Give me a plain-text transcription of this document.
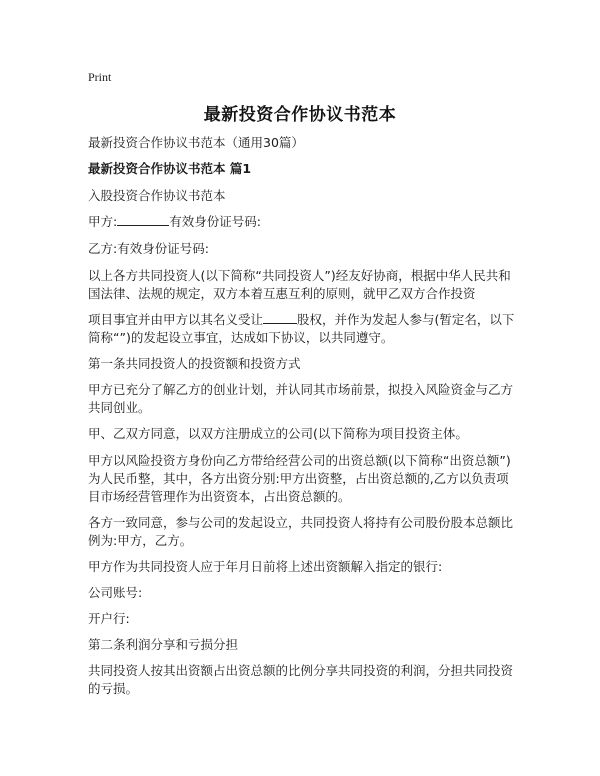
Print
最新投资合作协议书范本
最新投资合作协议书范本（通用30篇）
最新投资合作协议书范本 篇1
入股投资合作协议书范本
甲方:	有效身份证号码:
乙方:有效身份证号码:
以上各方共同投资人(以下简称“共同投资人”)经友好协商，根据中华人民共和国法律、法规的规定，双方本着互惠互利的原则，就甲乙双方合作投资
项目事宜并由甲方以其名义受让	股权，并作为发起人参与(暂定名，以下简称“”)的发起设立事宜，达成如下协议，以共同遵守。
第一条共同投资人的投资额和投资方式
甲方已充分了解乙方的创业计划，并认同其市场前景，拟投入风险资金与乙方共同创业。
甲、乙双方同意，以双方注册成立的公司(以下简称为项目投资主体。
甲方以风险投资方身份向乙方带给经营公司的出资总额(以下简称“出资总额”)为人民币整，其中，各方出资分别:甲方出资整，占出资总额的,乙方以负责项目市场经营管理作为出资资本，占出资总额的。
各方一致同意，参与公司的发起设立，共同投资人将持有公司股份股本总额比例为:甲方，乙方。
甲方作为共同投资人应于年月日前将上述出资额解入指定的银行:
公司账号:
开户行:
第二条利润分享和亏损分担
共同投资人按其出资额占出资总额的比例分享共同投资的利润，分担共同投资的亏损。
